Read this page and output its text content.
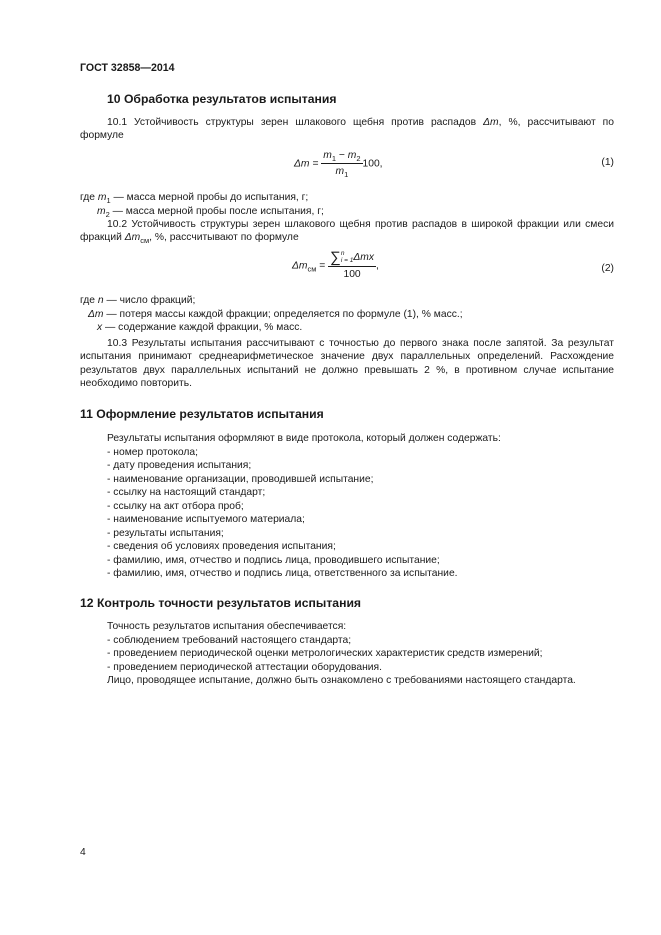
ГОСТ 32858—2014
10 Обработка результатов испытания
10.1 Устойчивость структуры зерен шлакового щебня против распадов Δm, %, рассчитывают по формуле
$\Delta m = \frac{m_1 - m_2}{m_1} 100$,	(1)
где $m_1$ — масса мерной пробы до испытания, г;
$m_2$ — масса мерной пробы после испытания, г;
10.2 Устойчивость структуры зерен шлакового щебня против распадов в широкой фракции или смеси фракций $\Delta m_{см}$, %, рассчитывают по формуле
$\Delta m_{см}$ =
∑n
i = 1Δmx
100
,	(2)
где n — число фракций;
Δm — потеря массы каждой фракции; определяется по формуле (1), % масс.;
x — содержание каждой фракции, % масс.
10.3 Результаты испытания рассчитывают с точностью до первого знака после запятой. За результат испытания принимают среднеарифметическое значение двух параллельных определений. Расхождение результатов двух параллельных испытаний не должно превышать 2 %, в противном случае испытание необходимо повторить.
11 Оформление результатов испытания
Результаты испытания оформляют в виде протокола, который должен содержать:
- номер протокола;
- дату проведения испытания;
- наименование организации, проводившей испытание;
- ссылку на настоящий стандарт;
- ссылку на акт отбора проб;
- наименование испытуемого материала;
- результаты испытания;
- сведения об условиях проведения испытания;
- фамилию, имя, отчество и подпись лица, проводившего испытание;
- фамилию, имя, отчество и подпись лица, ответственного за испытание.
12 Контроль точности результатов испытания
Точность результатов испытания обеспечивается:
- соблюдением требований настоящего стандарта;
- проведением периодической оценки метрологических характеристик средств измерений;
- проведением периодической аттестации оборудования.
Лицо, проводящее испытание, должно быть ознакомлено с требованиями настоящего стандарта.
4
